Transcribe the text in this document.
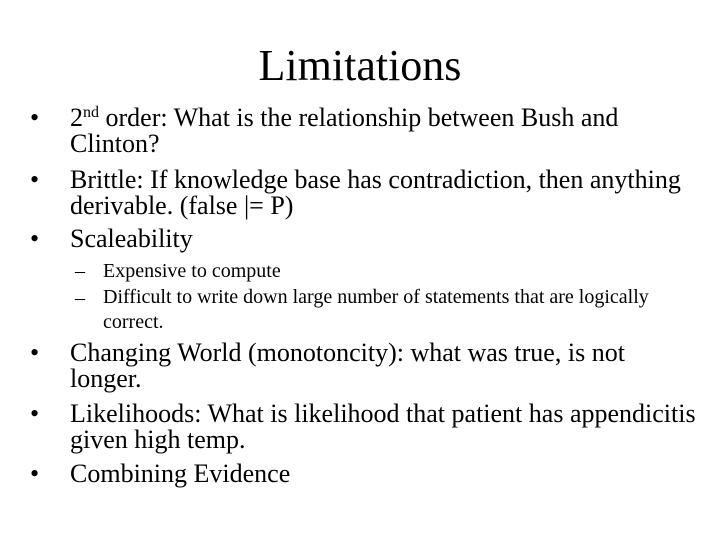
Limitations
•	2nd order: What is the relationship between Bush and Clinton?
•	Brittle: If knowledge base has contradiction, then anything derivable. (false |= P)
•	Scaleability
– Expensive to compute
– Difficult to write down large number of statements that are logically correct.
•	Changing World (monotoncity): what was true, is not longer.
•	Likelihoods: What is likelihood that patient has appendicitis given high temp.
•	Combining Evidence
